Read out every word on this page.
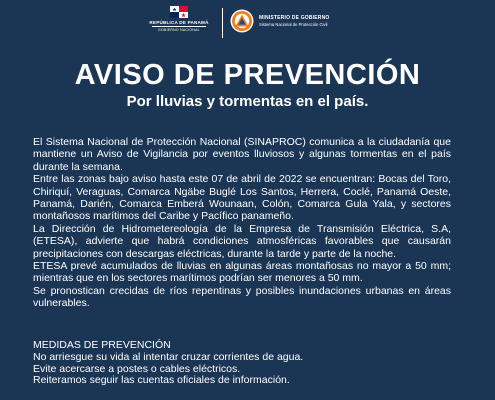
REPÚBLICA DE PANAMÁ
GOBIERNO NACIONAL
MINISTERIO DE GOBIERNO
Sistema Nacional de Protección Civil
AVISO DE PREVENCIÓN
Por lluvias y tormentas en el país.

El Sistema Nacional de Protección Nacional (SINAPROC) comunica a la ciudadanía que mantiene un Aviso de Vigilancia por eventos lluviosos y algunas tormentas en el país durante la semana.

Entre las zonas bajo aviso hasta este 07 de abril de 2022 se encuentran: Bocas del Toro, Chiriquí, Veraguas, Comarca Ngäbe Buglé Los Santos, Herrera, Coclé, Panamá Oeste, Panamá, Darién, Comarca Emberá Wounaan, Colón, Comarca Gula Yala, y sectores montañosos marítimos del Caribe y Pacífico panameño.

La Dirección de Hidrometereología de la Empresa de Transmisión Eléctrica, S.A, (ETESA), advierte que habrá condiciones atmosféricas favorables que causarán precipitaciones con descargas eléctricas, durante la tarde y parte de la noche.

ETESA prevé acumulados de lluvias en algunas áreas montañosas no mayor a 50 mm; mientras que en los sectores marítimos podrían ser menores a 50 mm.

Se pronostican crecidas de ríos repentinas y posibles inundaciones urbanas en áreas vulnerables.

MEDIDAS DE PREVENCIÓN
No arriesgue su vida al intentar cruzar corrientes de agua.
Evite acercarse a postes o cables eléctricos.
Reiteramos seguir las cuentas oficiales de información.
